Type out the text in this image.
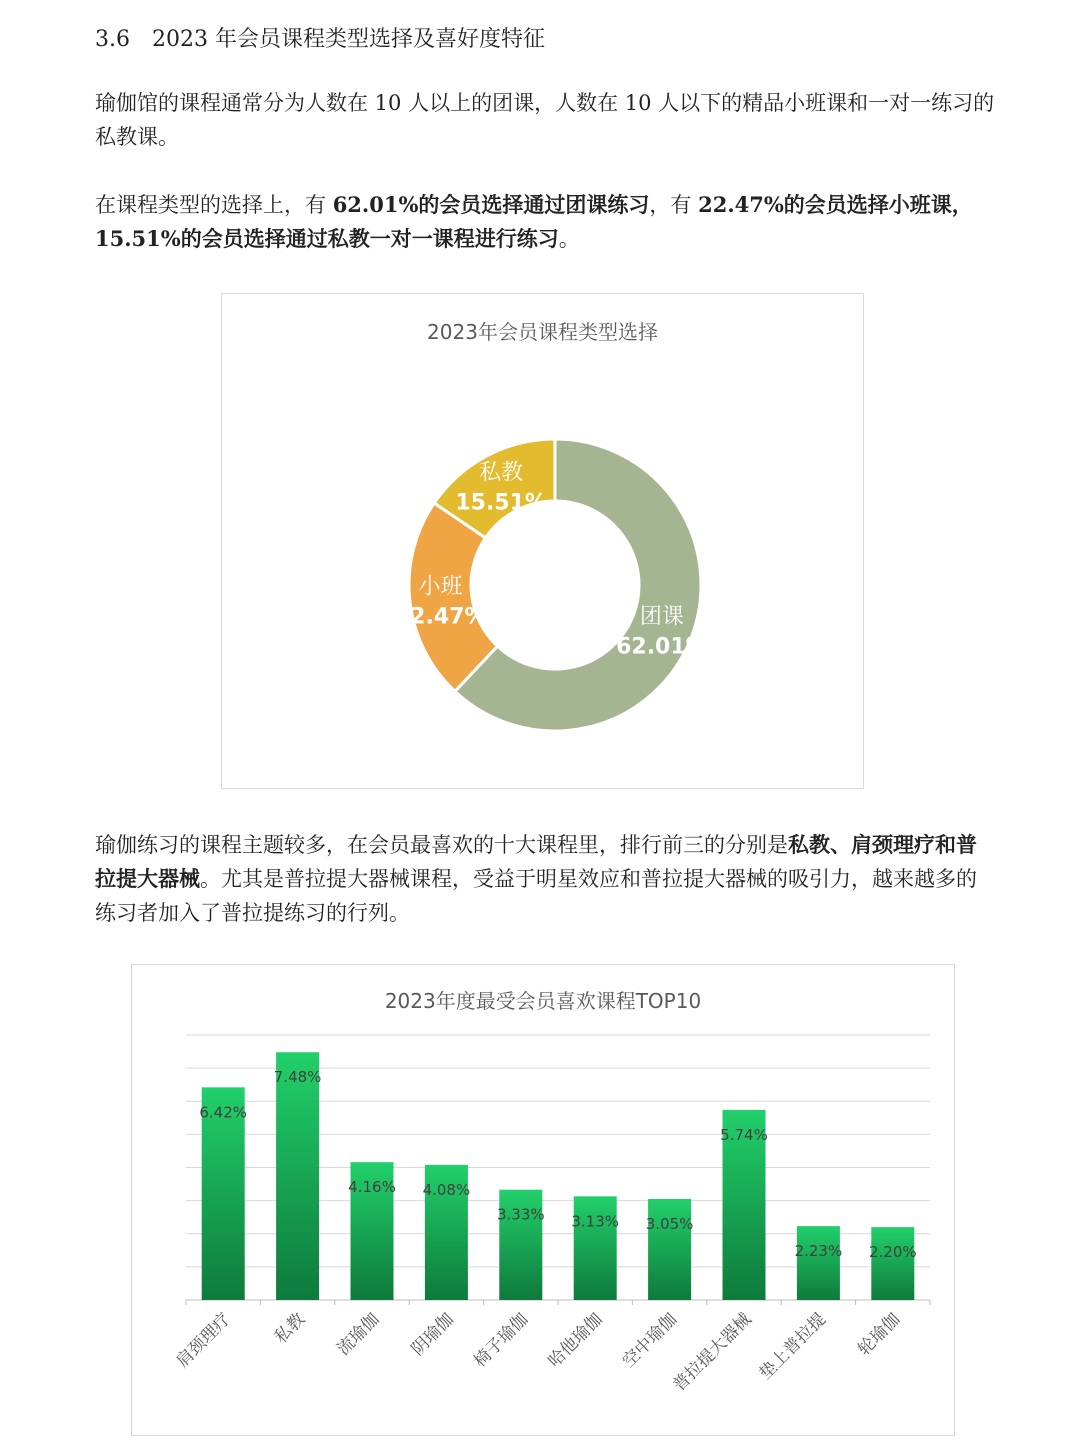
3.6　2023 年会员课程类型选择及喜好度特征
瑜伽馆的课程通常分为人数在 10 人以上的团课，人数在 10 人以下的精品小班课和一对一练习的私教课。
在课程类型的选择上，有 62.01%的会员选择通过团课练习，有 22.47%的会员选择小班课， 15.51%的会员选择通过私教一对一课程进行练习。
2023年会员课程类型选择
团课
62.01%
小班
22.47%
私教
15.51%
瑜伽练习的课程主题较多，在会员最喜欢的十大课程里，排行前三的分别是私教、肩颈理疗和普拉提大器械。尤其是普拉提大器械课程，受益于明星效应和普拉提大器械的吸引力，越来越多的练习者加入了普拉提练习的行列。
2023年度最受会员喜欢课程TOP10
6.42%
肩颈理疗
7.48%
私教
4.16%
流瑜伽
4.08%
阴瑜伽
3.33%
椅子瑜伽
3.13%
哈他瑜伽
3.05%
空中瑜伽
5.74%
普拉提大器械
2.23%
垫上普拉提
2.20%
轮瑜伽
